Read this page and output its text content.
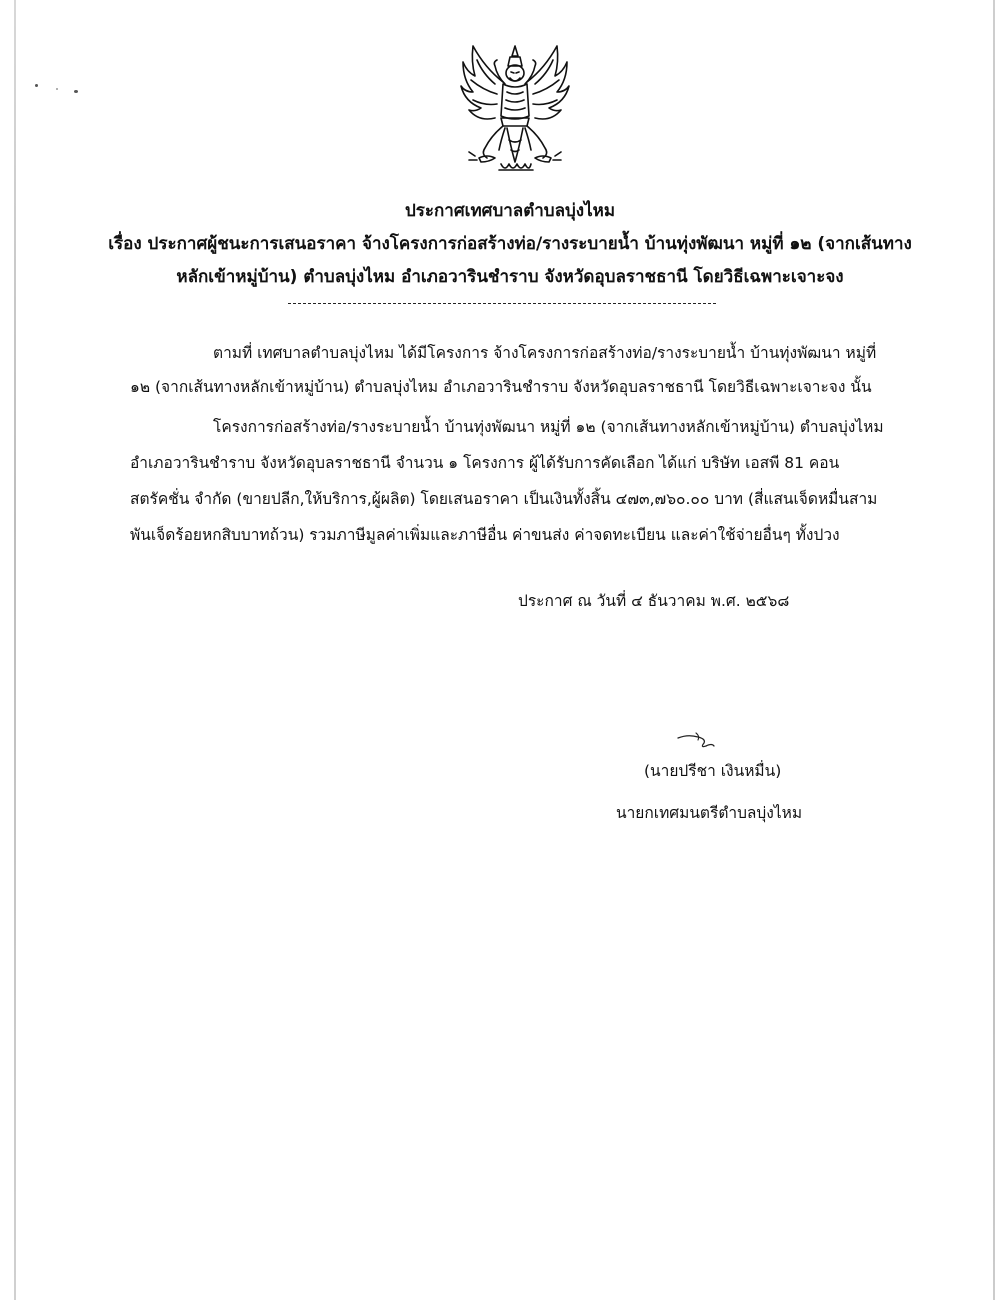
ประกาศเทศบาลตำบลบุ่งไหม
เรื่อง ประกาศผู้ชนะการเสนอราคา จ้างโครงการก่อสร้างท่อ/รางระบายน้ำ บ้านทุ่งพัฒนา หมู่ที่ ๑๒ (จากเส้นทาง
หลักเข้าหมู่บ้าน) ตำบลบุ่งไหม อำเภอวารินชำราบ จังหวัดอุบลราชธานี โดยวิธีเฉพาะเจาะจง
ตามที่ เทศบาลตำบลบุ่งไหม ได้มีโครงการ จ้างโครงการก่อสร้างท่อ/รางระบายน้ำ บ้านทุ่งพัฒนา หมู่ที่
๑๒ (จากเส้นทางหลักเข้าหมู่บ้าน) ตำบลบุ่งไหม อำเภอวารินชำราบ จังหวัดอุบลราชธานี โดยวิธีเฉพาะเจาะจง นั้น
โครงการก่อสร้างท่อ/รางระบายน้ำ บ้านทุ่งพัฒนา หมู่ที่ ๑๒ (จากเส้นทางหลักเข้าหมู่บ้าน) ตำบลบุ่งไหม
อำเภอวารินชำราบ จังหวัดอุบลราชธานี จำนวน ๑ โครงการ ผู้ได้รับการคัดเลือก ได้แก่ บริษัท เอสพี 81 คอน
สตรัคชั่น จำกัด (ขายปลีก,ให้บริการ,ผู้ผลิต) โดยเสนอราคา เป็นเงินทั้งสิ้น ๔๗๓,๗๖๐.๐๐ บาท (สี่แสนเจ็ดหมื่นสาม
พันเจ็ดร้อยหกสิบบาทถ้วน) รวมภาษีมูลค่าเพิ่มและภาษีอื่น ค่าขนส่ง ค่าจดทะเบียน และค่าใช้จ่ายอื่นๆ ทั้งปวง
ประกาศ ณ วันที่ ๔ ธันวาคม พ.ศ. ๒๕๖๘
(นายปรีชา เงินหมื่น)
นายกเทศมนตรีตำบลบุ่งไหม
